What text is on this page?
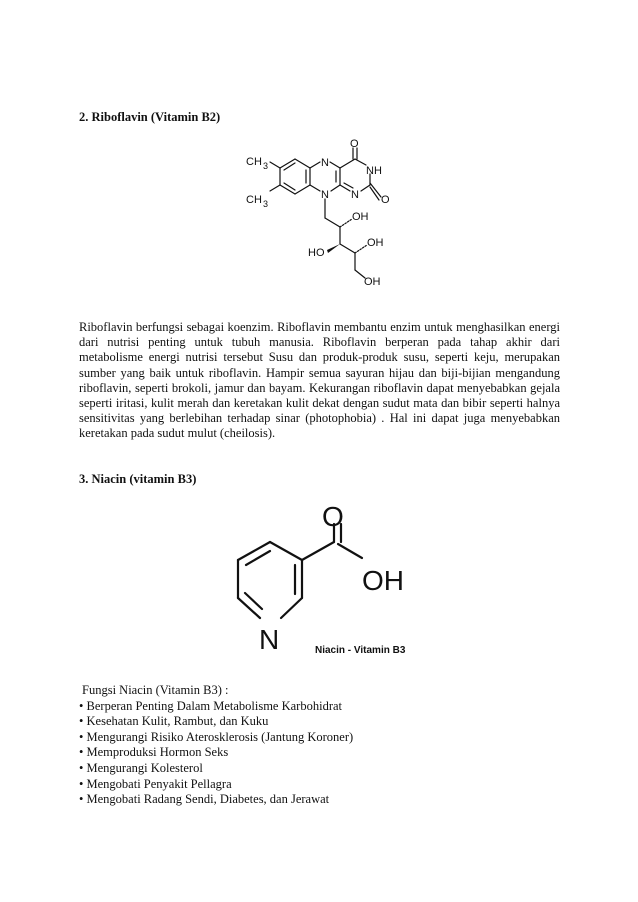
2. Riboflavin (Vitamin B2)
CH 3
CH 3
N
N N
O
O
NH
OH
OH
OH
HO

Riboflavin berfungsi sebagai koenzim. Riboflavin membantu enzim untuk menghasilkan energi dari nutrisi penting untuk tubuh manusia. Riboflavin berperan pada tahap akhir dari metabolisme energi nutrisi tersebut Susu dan produk-produk susu, seperti keju, merupakan sumber yang baik untuk riboflavin. Hampir semua sayuran hijau dan biji-bijian mengandung riboflavin, seperti brokoli, jamur dan bayam. Kekurangan riboflavin dapat menyebabkan gejala seperti iritasi, kulit merah dan keretakan kulit dekat dengan sudut mata dan bibir seperti halnya sensitivitas yang berlebihan terhadap sinar (photophobia) . Hal ini dapat juga menyebabkan keretakan pada sudut mulut (cheilosis).

3. Niacin (vitamin B3)
O
OH
N	Niacin - Vitamin B3
Fungsi Niacin (Vitamin B3) :
• Berperan Penting Dalam Metabolisme Karbohidrat
• Kesehatan Kulit, Rambut, dan Kuku
• Mengurangi Risiko Aterosklerosis (Jantung Koroner)
• Memproduksi Hormon Seks
• Mengurangi Kolesterol
• Mengobati Penyakit Pellagra
• Mengobati Radang Sendi, Diabetes, dan Jerawat
